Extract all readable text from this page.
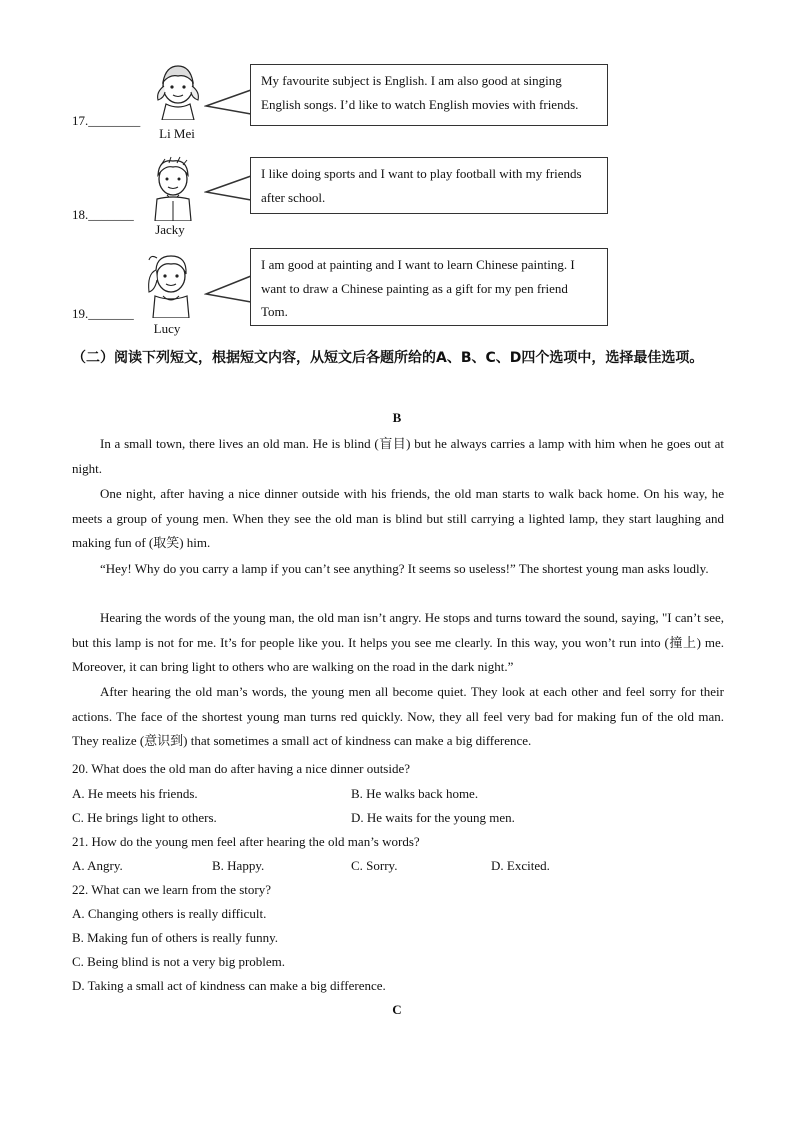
17.________
Li Mei
My favourite subject is English. I am also good at singing English songs. I’d like to watch English movies with friends.
18._______
Jacky
I like doing sports and I want to play football with my friends after school.
19._______
Lucy
I am good at painting and I want to learn Chinese painting. I want to draw a Chinese painting as a gift for my pen friend Tom.
（二）阅读下列短文，根据短文内容，从短文后各题所给的A、B、C、D四个选项中，选择最佳选项。
B
In a small town, there lives an old man. He is blind (盲目) but he always carries a lamp with him when he goes out at night.
One night, after having a nice dinner outside with his friends, the old man starts to walk back home. On his way, he meets a group of young men. When they see the old man is blind but still carrying a lighted lamp, they start laughing and making fun of (取笑) him.
“Hey! Why do you carry a lamp if you can’t see anything? It seems so useless!” The shortest young man asks loudly.
Hearing the words of the young man, the old man isn’t angry. He stops and turns toward the sound, saying, "I can’t see, but this lamp is not for me. It’s for people like you. It helps you see me clearly. In this way, you won’t run into (撞上) me. Moreover, it can bring light to others who are walking on the road in the dark night.”
After hearing the old man’s words, the young men all become quiet. They look at each other and feel sorry for their actions. The face of the shortest young man turns red quickly. Now, they all feel very bad for making fun of the old man. They realize (意识到) that sometimes a small act of kindness can make a big difference.
20. What does the old man do after having a nice dinner outside?
A. He meets his friends.	B. He walks back home.
C. He brings light to others.	D. He waits for the young men.
21. How do the young men feel after hearing the old man’s words?
A. Angry.	B. Happy.	C. Sorry.	D. Excited.
22. What can we learn from the story?
A. Changing others is really difficult.
B. Making fun of others is really funny.
C. Being blind is not a very big problem.
D. Taking a small act of kindness can make a big difference.
C
